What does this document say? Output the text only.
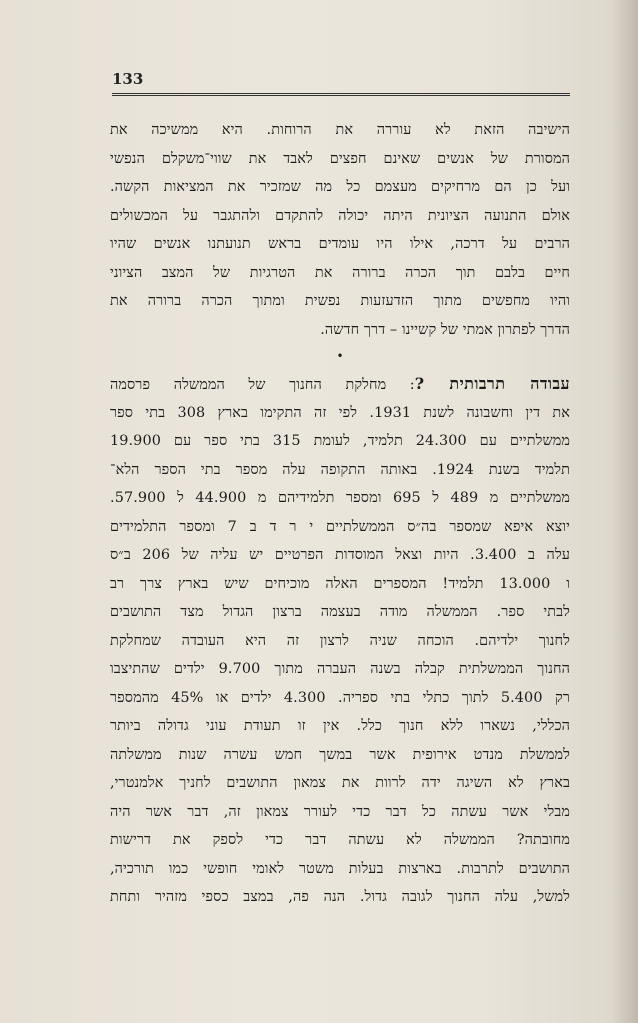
133
הישיבה הזאת לא עוררה את הרוחות. היא ממשיכה את
המסורת של אנשים שאינם חפצים לאבד את שווי־משקלם הנפשי
ועל כן הם מרחיקים מעצמם כל מה שמזכיר את המציאות הקשה.
אולם התנועה הציונית היתה יכולה להתקדם ולהתגבר על המכשולים
הרבים על דרכה, אילו היו עומדים בראש תנועתנו אנשים שהיו
חיים בלבם תוך הכרה ברורה את הטרגיות של המצב הציוני
והיו מחפשים מתוך הזדעזעות נפשית ומתוך הכרה ברורה את
הדרך לפתרון אמתי של קשיינו – דרך חדשה.
•
עבודה תרבותית ?: מחלקת החנוך של הממשלה פרסמה
את דין וחשבונה לשנת 1931. לפי זה התקימו בארץ 308 בתי ספר
ממשלתיים עם 24.300 תלמיד, לעומת 315 בתי ספר עם 19.900
תלמיד בשנת 1924. באותה התקופה עלה מספר בתי הספר הלא־
ממשלתיים מ 489 ל 695 ומספר תלמידיהם מ 44.900 ל 57.900.
יוצא איפא שמספר בה״ס הממשלתיים י ר ד ב 7 ומספר התלמידים
עלה ב 3.400. היות וצאל המוסדות הפרטיים יש עליה של 206 ב״ס
ו 13.000 תלמיד! המספרים האלה מוכיחים שיש בארץ צרך רב
לבתי ספר. הממשלה מודה בעצמה ברצון הגדול מצד התושבים
לחנוך ילדיהם. הוכחה שניה לרצון זה היא העובדה שמחלקת
החנוך הממשלתית קבלה בשנה העברה מתוך 9.700 ילדים שהתיצבו
רק 5.400 לתוך כתלי בתי ספריה. 4.300 ילדים או 45% מהמספר
הכללי, נשארו ללא חנוך כלל. אין זו תעודת עוני גדולה ביותר
לממשלת מנדט אירופית אשר במשך חמש עשרה שנות ממשלתה
בארץ לא השיגה ידה לרוות את צמאון התושבים לחניך אלמנטרי,
מבלי אשר עשתה כל דבר כדי לעורר צמאון זה, דבר אשר היה
מחובתה? הממשלה לא עשתה דבר כדי לספק את דרישות
התושבים לתרבות. בארצות בעלות משטר לאומי חופשי כמו תורכיה,
למשל, עלה החנוך לגובה גדול. הנה פה, במצב כספי מזהיר ותחת
